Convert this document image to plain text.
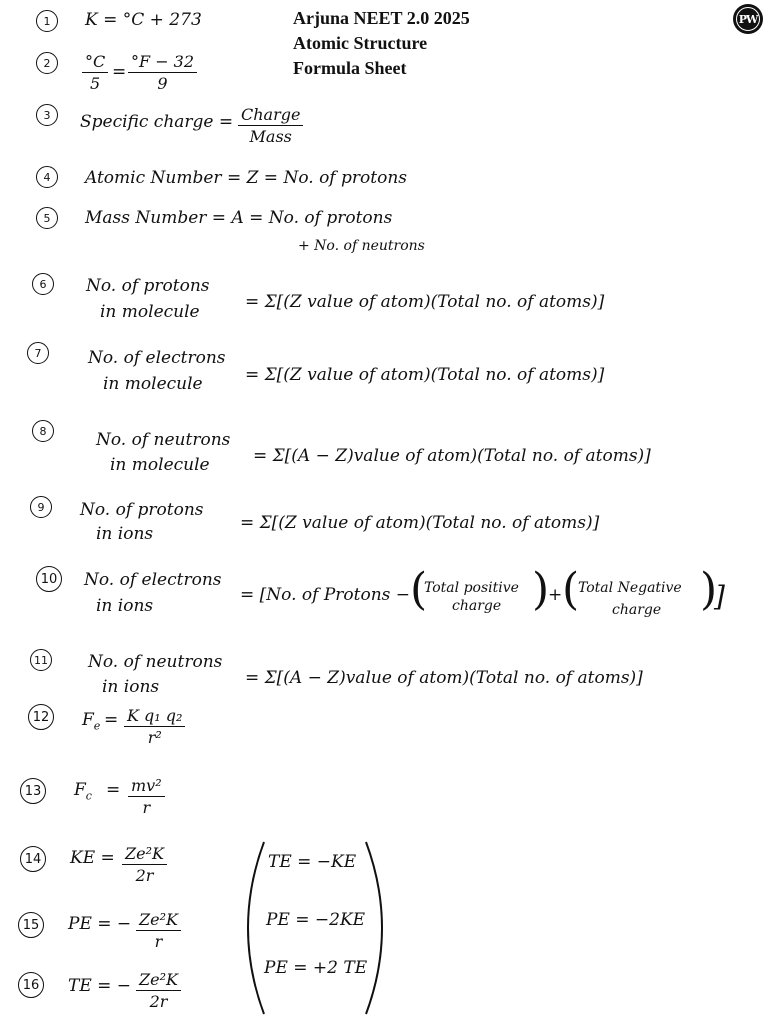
Arjuna NEET 2.0 2025
Atomic Structure
Formula Sheet
PW
1	K = °C + 273
2	$\frac{^\circ C}{5} = \frac{^\circ F - 32}{9}$
3	Specific charge = Charge
Mass
4	Atomic Number = Z = No. of protons
5	Mass Number = A = No. of protons
+ No. of neutrons
6	No. of protons
in molecule	= Σ[(Z value of atom)(Total no. of atoms)]
7	No. of electrons
in molecule = Σ[(Z value of atom)(Total no. of atoms)]
8	No. of neutrons
in molecule	= Σ[(A − Z)value of atom)(Total no. of atoms)]
9	No. of protons
in ions
= Σ[(Z value of atom)(Total no. of atoms)]
10 No. of electrons
in ions
= [No. of Protons − (
Total positive
charge )
+ (
Total Negative
charge )
]
11 No. of neutrons
in ions	= Σ[(A − Z)value of atom)(Total no. of atoms)]
12 $F_e = \frac{\text{K q₁ q₂}}{\text{r²}}$
13 $F_c = \frac{\text{mv²}}{r}$
14 KE = $\frac{\text{Ze²K}}{2r}$
15 PE = − $\frac{\text{Ze²K}}{r}$
16 TE = − $\frac{\text{Ze²K}}{2r}$
TE = −KE
PE = −2KE
PE = +2 TE
